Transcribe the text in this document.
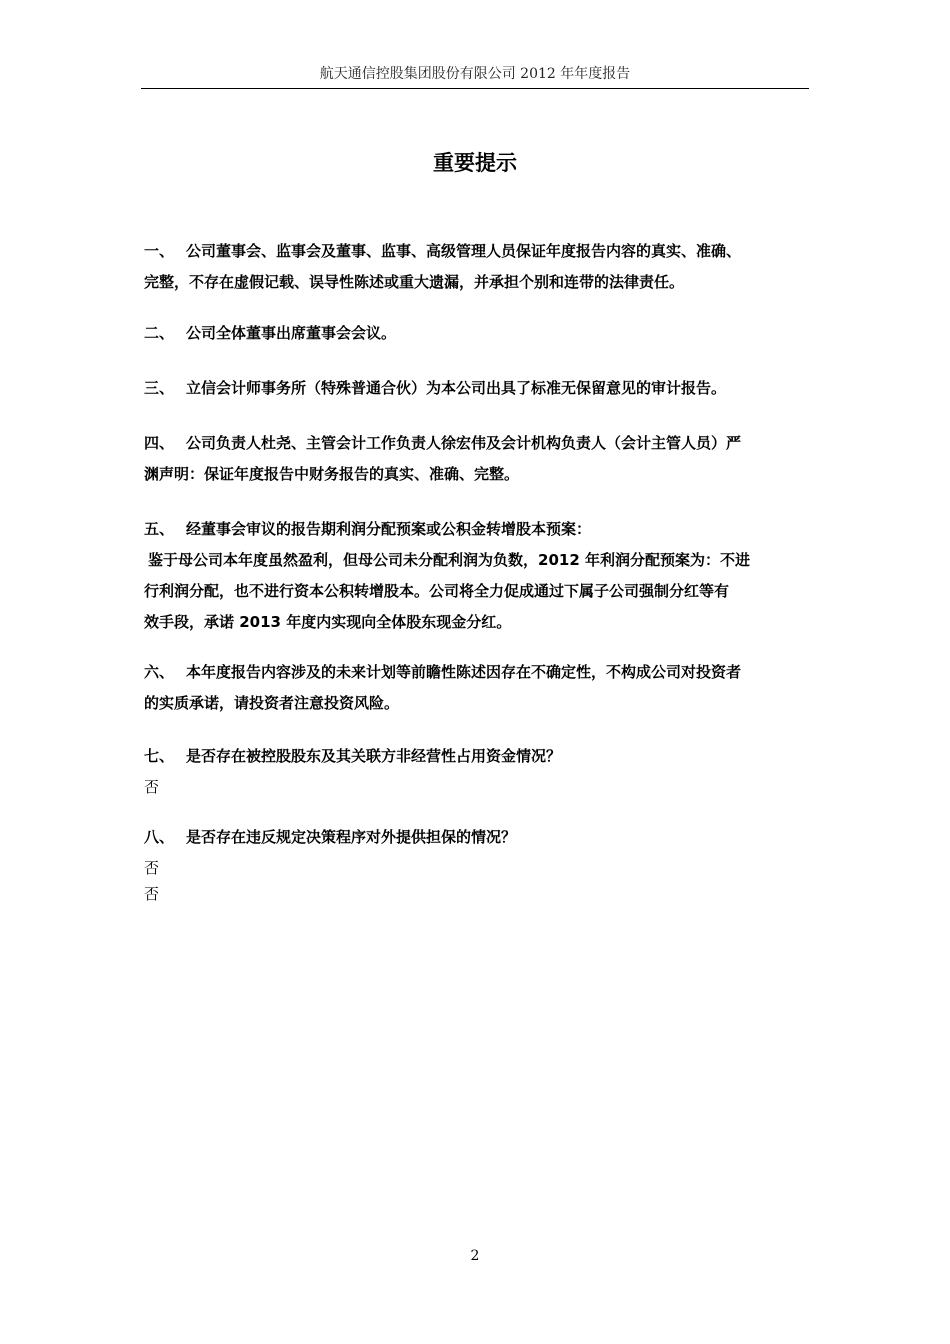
航天通信控股集团股份有限公司 2012 年年度报告
重要提示
一、 公司董事会、监事会及董事、监事、高级管理人员保证年度报告内容的真实、准确、
完整，不存在虚假记载、误导性陈述或重大遗漏，并承担个别和连带的法律责任。
二、 公司全体董事出席董事会会议。
三、 立信会计师事务所（特殊普通合伙）为本公司出具了标准无保留意见的审计报告。
四、 公司负责人杜尧、主管会计工作负责人徐宏伟及会计机构负责人（会计主管人员）严
渊声明：保证年度报告中财务报告的真实、准确、完整。
五、 经董事会审议的报告期利润分配预案或公积金转增股本预案：
鉴于母公司本年度虽然盈利，但母公司未分配利润为负数，2012 年利润分配预案为：不进
行利润分配，也不进行资本公积转增股本。公司将全力促成通过下属子公司强制分红等有
效手段，承诺 2013 年度内实现向全体股东现金分红。
六、 本年度报告内容涉及的未来计划等前瞻性陈述因存在不确定性，不构成公司对投资者
的实质承诺，请投资者注意投资风险。
七、 是否存在被控股股东及其关联方非经营性占用资金情况？
否
八、 是否存在违反规定决策程序对外提供担保的情况？
否
否
2
